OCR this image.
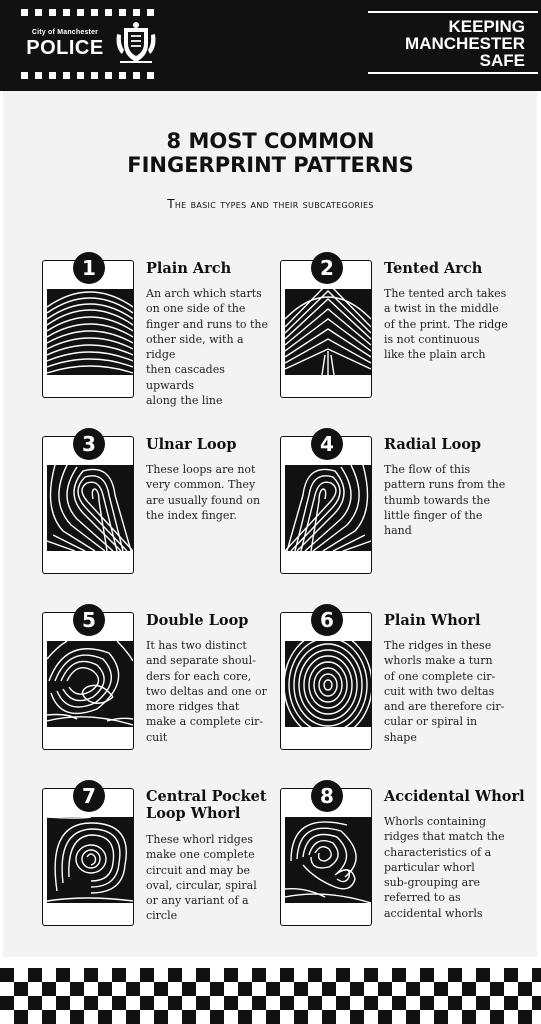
City of Manchester
POLICE
KEEPING
MANCHESTER
SAFE
8 MOST COMMON
FINGERPRINT PATTERNS
The basic types and their subcategories
1	Plain Arch
An arch which starts
on one side of the
finger and runs to the
other side, with a ridge
then cascades upwards
along the line
2	Tented Arch
The tented arch takes
a twist in the middle
of the print. The ridge
is not continuous
like the plain arch
3	Ulnar Loop
These loops are not
very common. They
are usually found on
the index finger.
4	Radial Loop
The flow of this
pattern runs from the
thumb towards the
little finger of the
hand
5	Double Loop
It has two distinct
and separate shoul-
ders for each core,
two deltas and one or
more ridges that
make a complete cir-
cuit
6	Plain Whorl
The ridges in these
whorls make a turn
of one complete cir-
cuit with two deltas
and are therefore cir-
cular or spiral in
shape
7	Central Pocket
Loop Whorl
These whorl ridges
make one complete
circuit and may be
oval, circular, spiral
or any variant of a
circle
8	Accidental Whorl
Whorls containing
ridges that match the
characteristics of a
particular whorl
sub-grouping are
referred to as
accidental whorls
